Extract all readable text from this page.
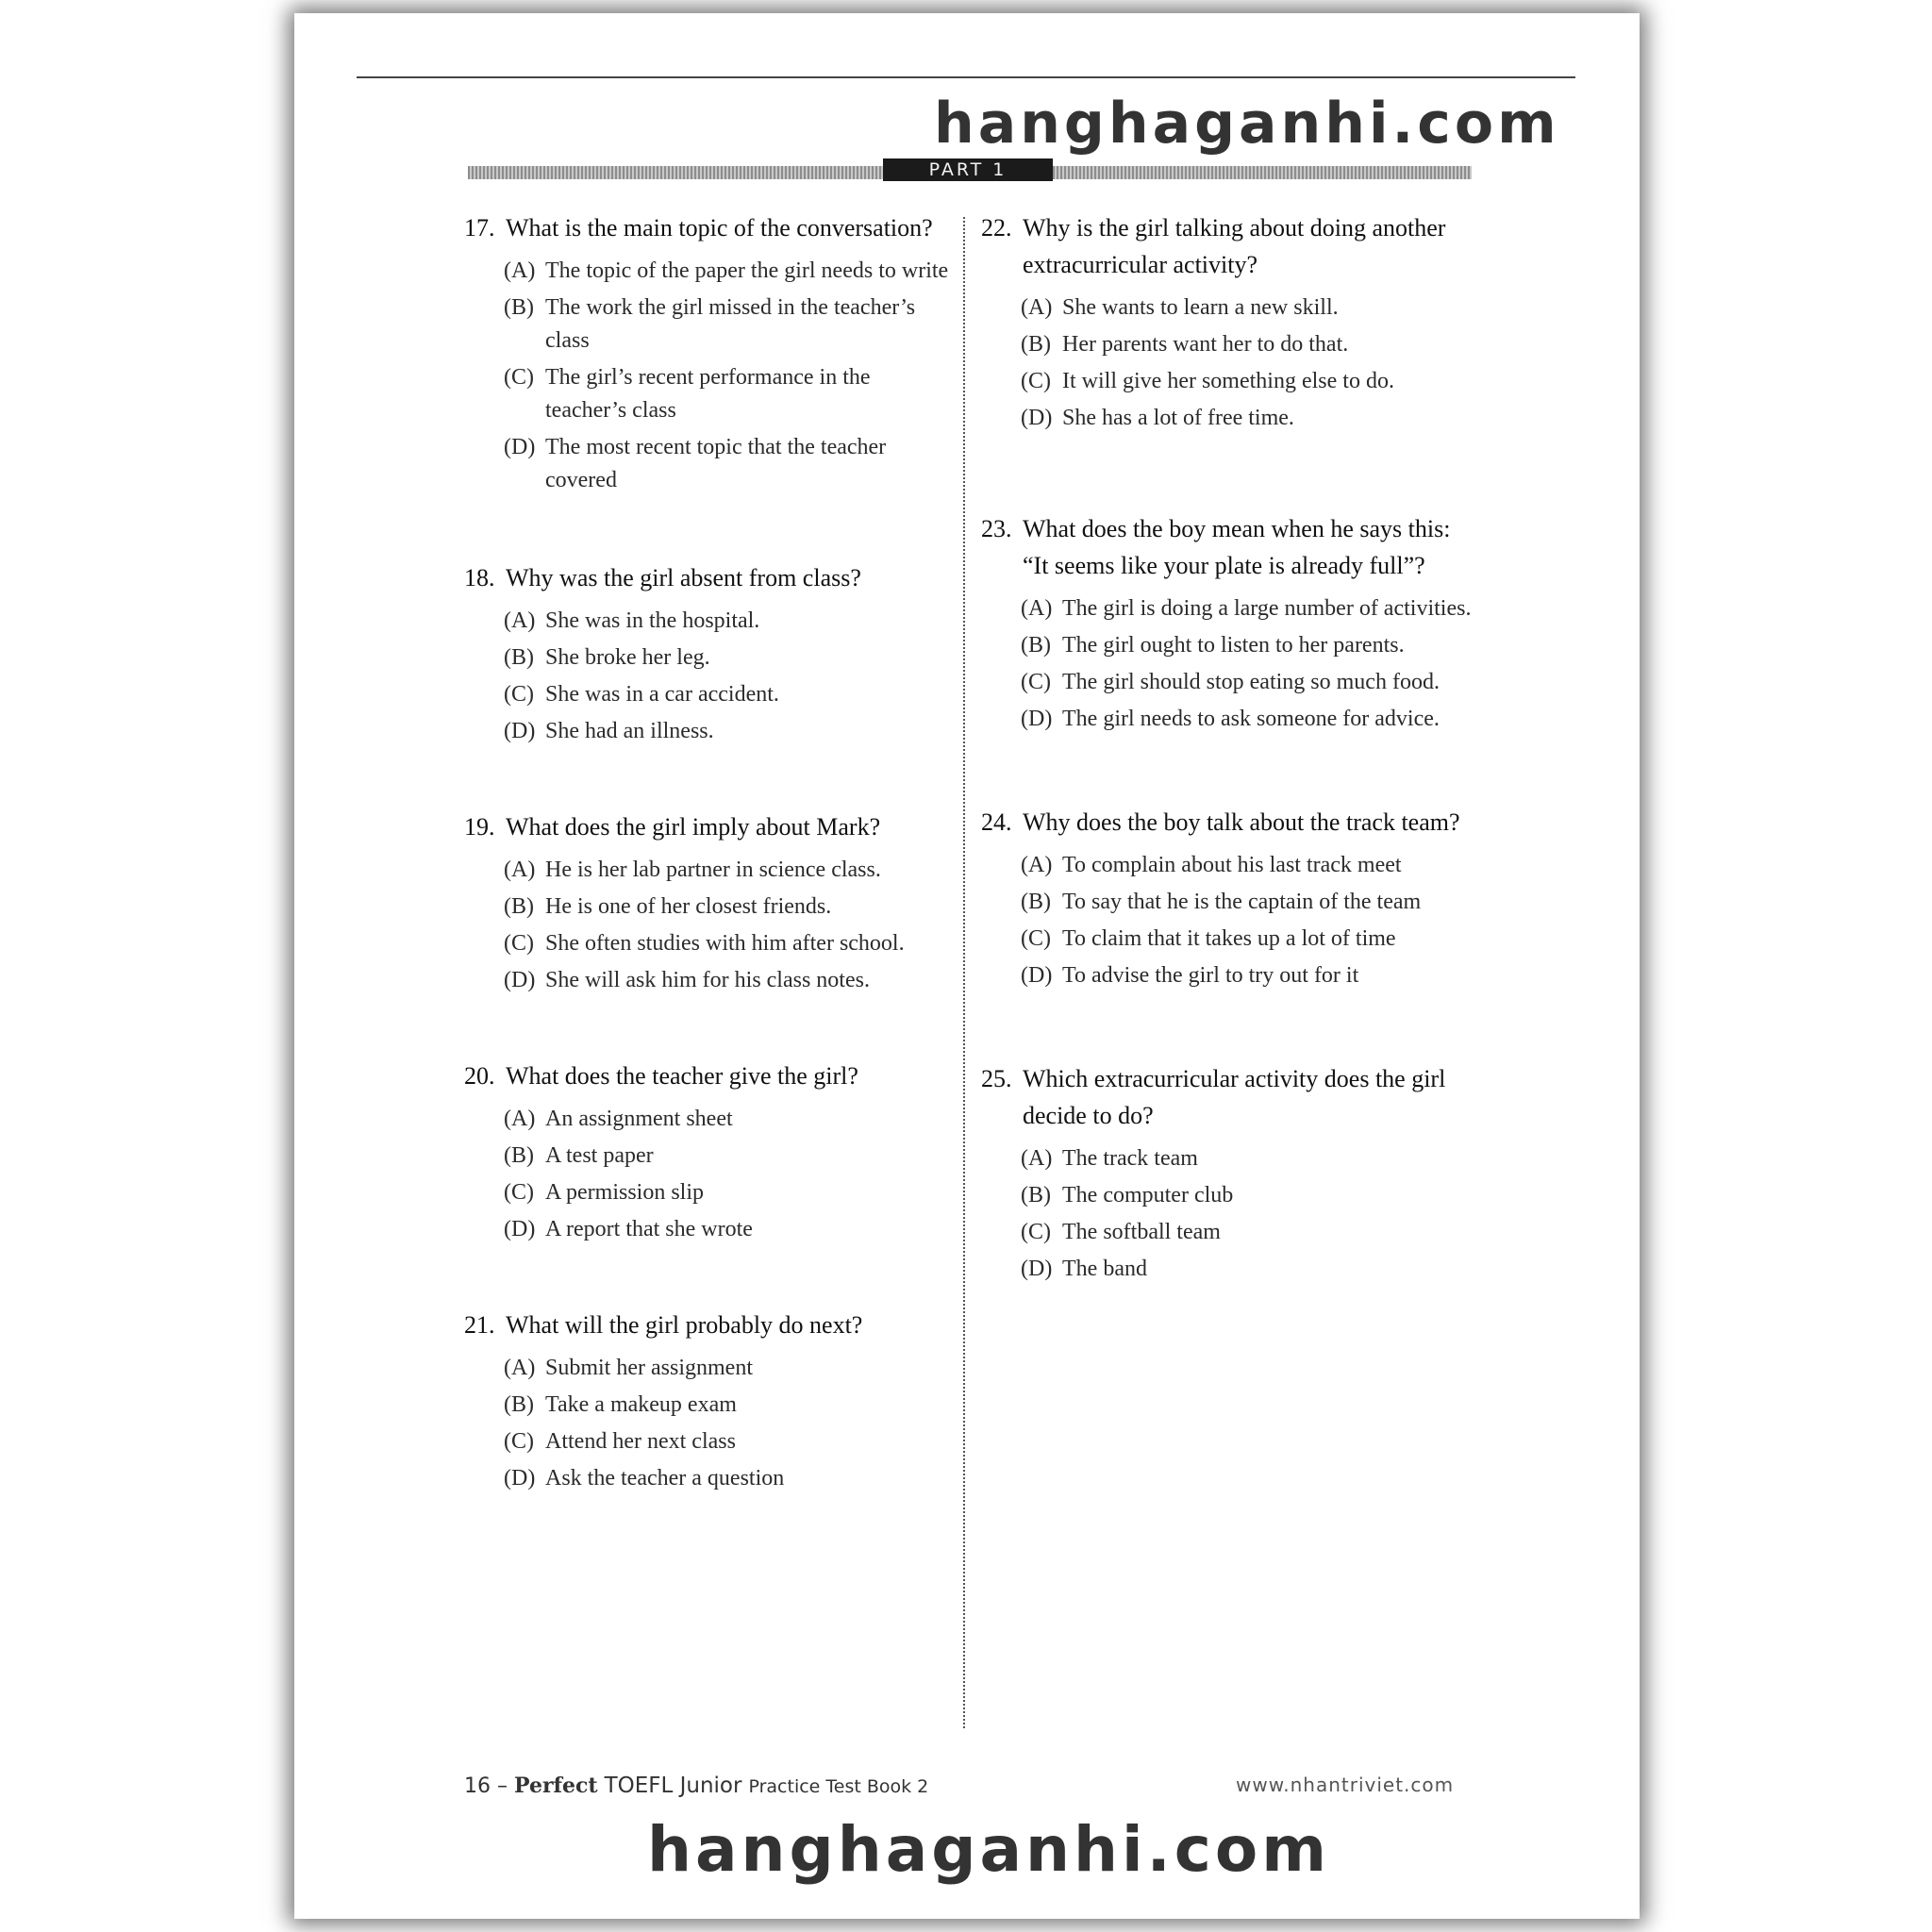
hanghaganhi.com
PART 1
17. What is the main topic of the conversation?
(A) The topic of the paper the girl needs to write
(B) The work the girl missed in the teacher’s class
(C) The girl’s recent performance in the teacher’s class
(D) The most recent topic that the teacher covered
18. Why was the girl absent from class?
(A) She was in the hospital.
(B) She broke her leg.
(C) She was in a car accident.
(D) She had an illness.
19. What does the girl imply about Mark?
(A) He is her lab partner in science class.
(B) He is one of her closest friends.
(C) She often studies with him after school.
(D) She will ask him for his class notes.
20. What does the teacher give the girl?
(A) An assignment sheet
(B) A test paper
(C) A permission slip
(D) A report that she wrote
21. What will the girl probably do next?
(A) Submit her assignment
(B) Take a makeup exam
(C) Attend her next class
(D) Ask the teacher a question
22. Why is the girl talking about doing another extracurricular activity?
(A) She wants to learn a new skill.
(B) Her parents want her to do that.
(C) It will give her something else to do.
(D) She has a lot of free time.
23. What does the boy mean when he says this: “It seems like your plate is already full”?
(A) The girl is doing a large number of activities.
(B) The girl ought to listen to her parents.
(C) The girl should stop eating so much food.
(D) The girl needs to ask someone for advice.
24. Why does the boy talk about the track team?
(A) To complain about his last track meet
(B) To say that he is the captain of the team
(C) To claim that it takes up a lot of time
(D) To advise the girl to try out for it
25. Which extracurricular activity does the girl decide to do?
(A) The track team
(B) The computer club
(C) The softball team
(D) The band
16 – Perfect TOEFL Junior Practice Test Book 2	www.nhantriviet.com
hanghaganhi.com
